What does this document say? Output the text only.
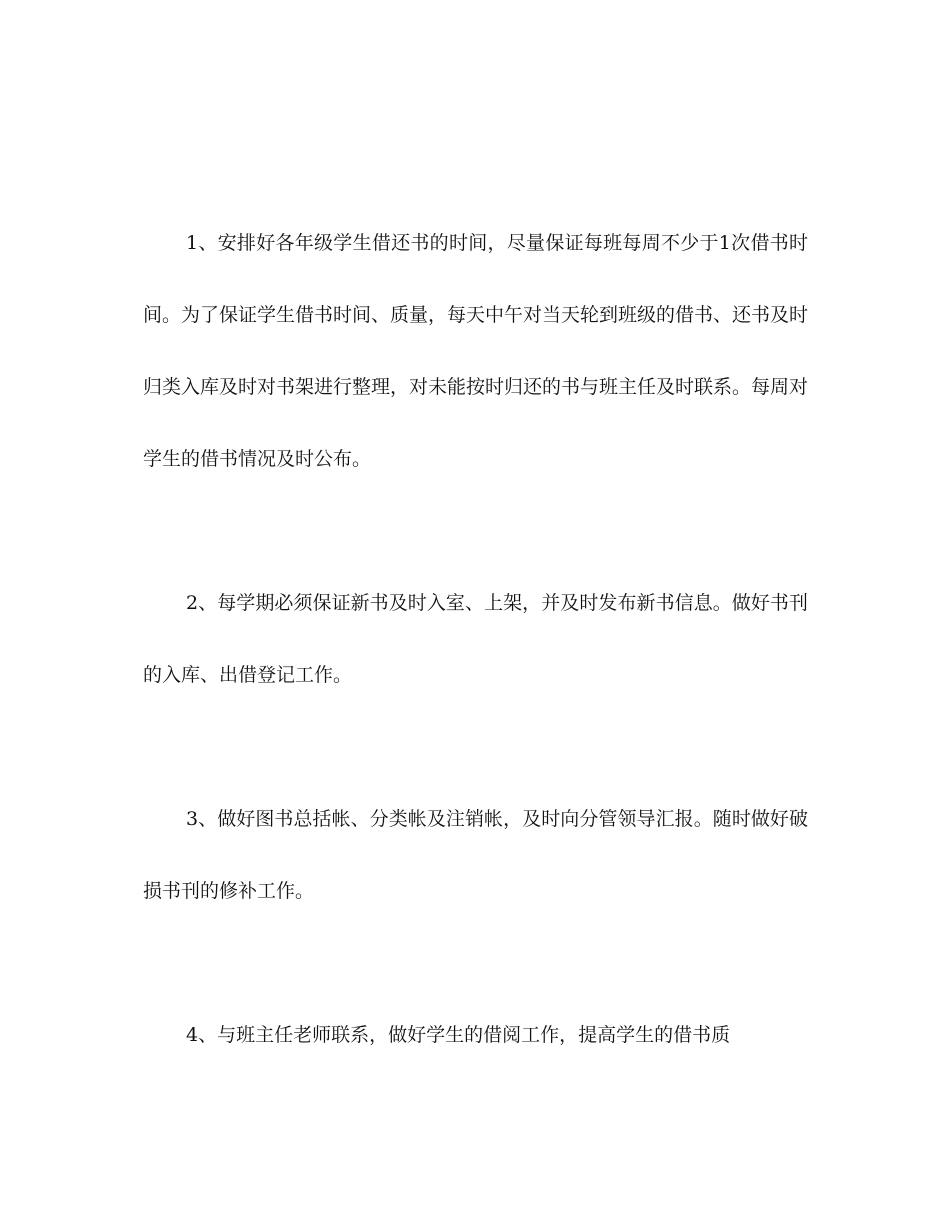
1、安排好各年级学生借还书的时间，尽量保证每班每周不少于1次借书时间。为了保证学生借书时间、质量，每天中午对当天轮到班级的借书、还书及时归类入库及时对书架进行整理，对未能按时归还的书与班主任及时联系。每周对学生的借书情况及时公布。

2、每学期必须保证新书及时入室、上架，并及时发布新书信息。做好书刊的入库、出借登记工作。

3、做好图书总括帐、分类帐及注销帐，及时向分管领导汇报。随时做好破损书刊的修补工作。

4、与班主任老师联系，做好学生的借阅工作，提高学生的借书质
